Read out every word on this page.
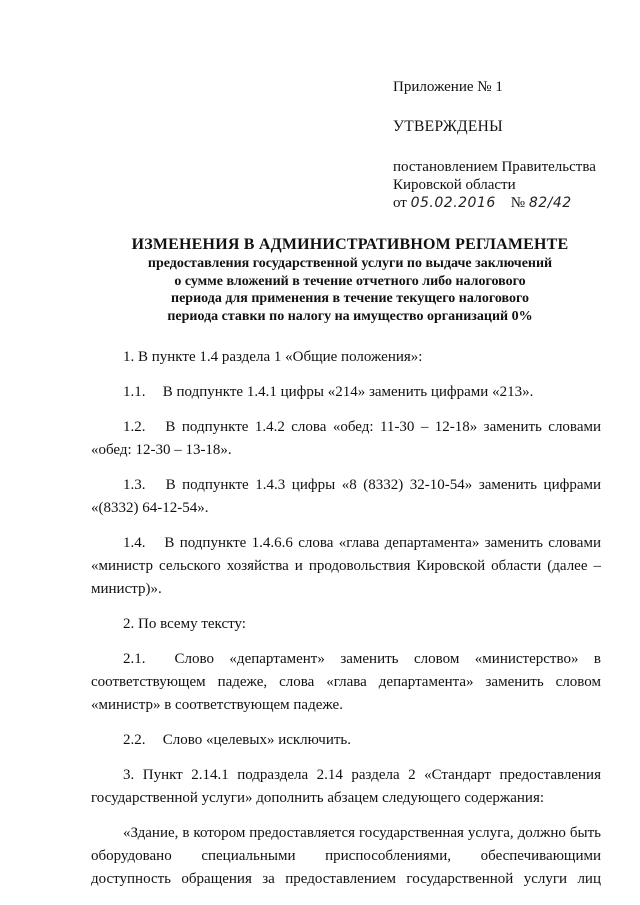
Приложение № 1
УТВЕРЖДЕНЫ
постановлением Правительства
Кировской области
от 05.02.2016 № 82/42
ИЗМЕНЕНИЯ В АДМИНИСТРАТИВНОМ РЕГЛАМЕНТЕ
предоставления государственной услуги по выдаче заключений
о сумме вложений в течение отчетного либо налогового
периода для применения в течение текущего налогового
периода ставки по налогу на имущество организаций 0%

1. В пункте 1.4 раздела 1 «Общие положения»:

1.1. В подпункте 1.4.1 цифры «214» заменить цифрами «213».

1.2. В подпункте 1.4.2 слова «обед: 11-30 – 12-18» заменить словами «обед: 12-30 – 13-18».

1.3. В подпункте 1.4.3 цифры «8 (8332) 32-10-54» заменить цифрами «(8332) 64-12-54».

1.4. В подпункте 1.4.6.6 слова «глава департамента» заменить словами «министр сельского хозяйства и продовольствия Кировской области (далее – министр)».

2. По всему тексту:

2.1. Слово «департамент» заменить словом «министерство» в соответствующем падеже, слова «глава департамента» заменить словом «министр» в соответствующем падеже.

2.2. Слово «целевых» исключить.

3. Пункт 2.14.1 подраздела 2.14 раздела 2 «Стандарт предоставления государственной услуги» дополнить абзацем следующего содержания:

«Здание, в котором предоставляется государственная услуга, должно быть оборудовано специальными приспособлениями, обеспечивающими доступность обращения за предоставлением государственной услуги лиц
